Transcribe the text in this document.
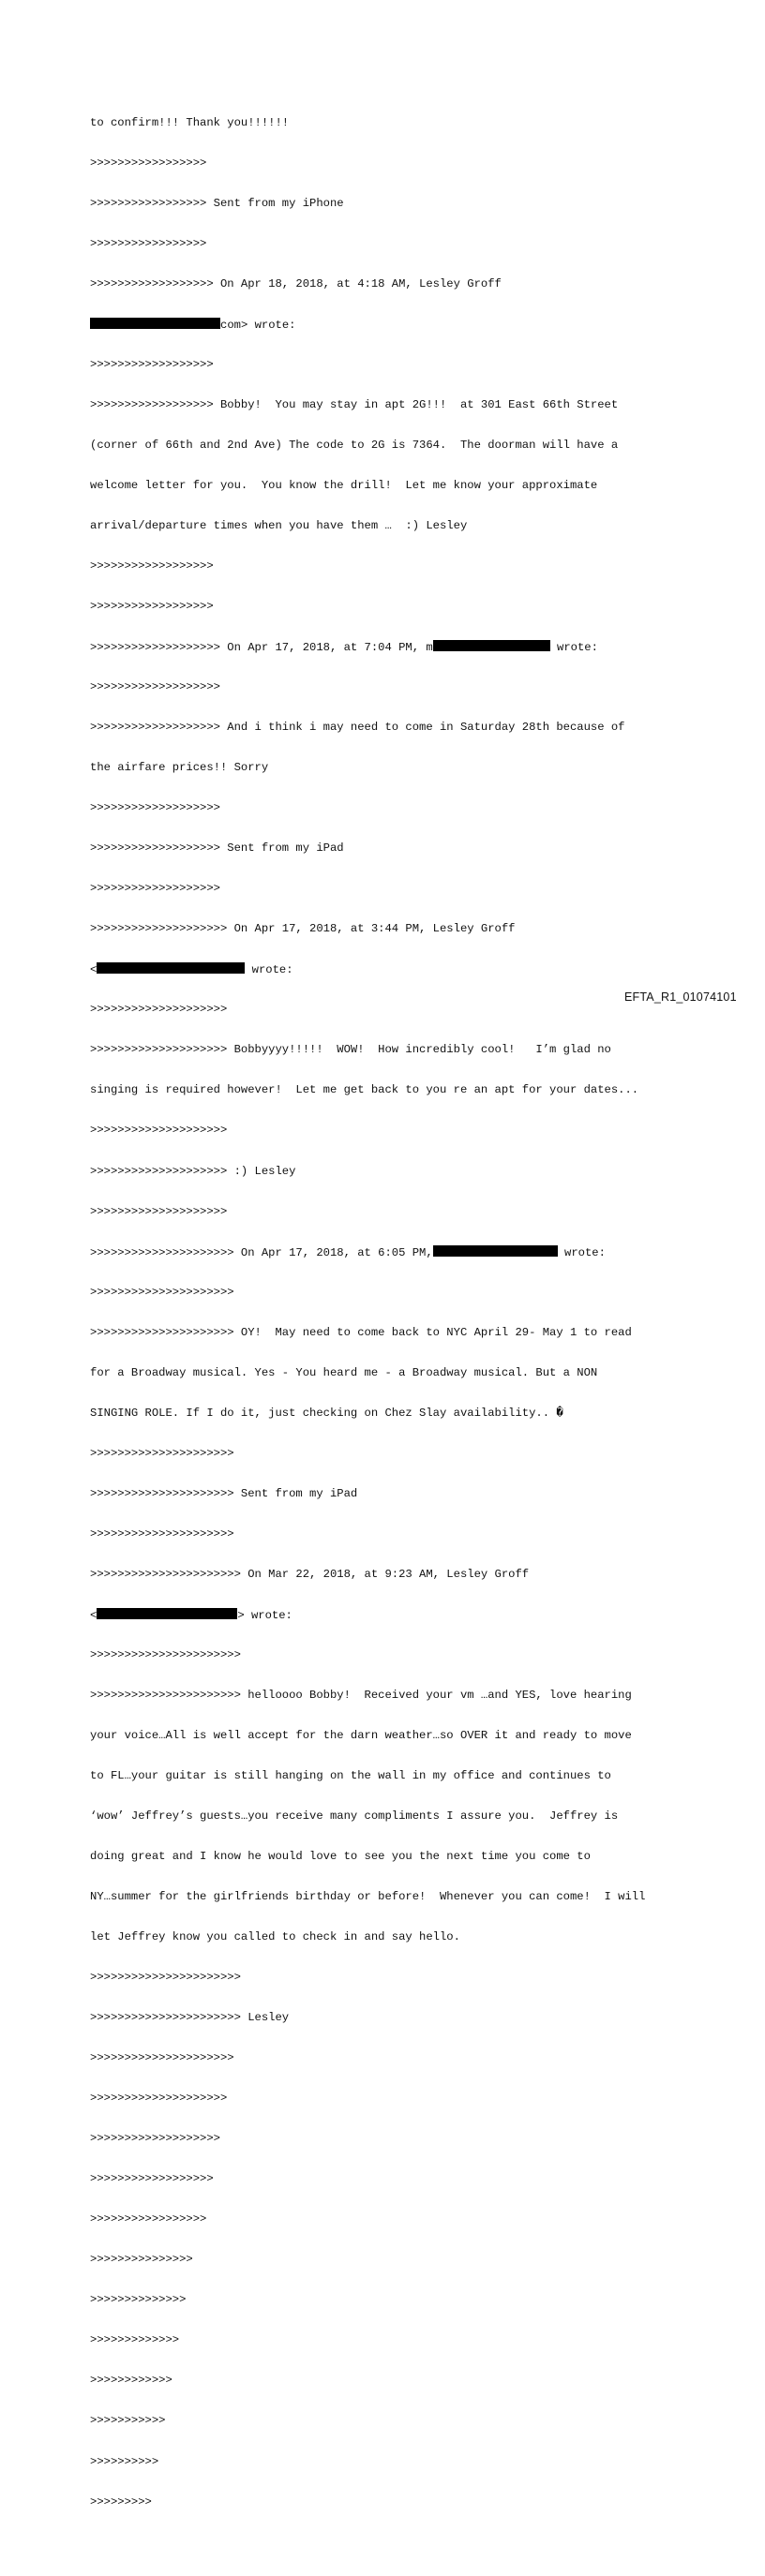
to confirm!!! Thank you!!!!!!

>>>>>>>>>>>>>>>>>

>>>>>>>>>>>>>>>>> Sent from my iPhone

>>>>>>>>>>>>>>>>>

>>>>>>>>>>>>>>>>>> On Apr 18, 2018, at 4:18 AM, Lesley Groff

com> wrote:

>>>>>>>>>>>>>>>>>>

>>>>>>>>>>>>>>>>>> Bobby!  You may stay in apt 2G!!!  at 301 East 66th Street

(corner of 66th and 2nd Ave) The code to 2G is 7364.  The doorman will have a

welcome letter for you.  You know the drill!  Let me know your approximate

arrival/departure times when you have them …  :) Lesley

>>>>>>>>>>>>>>>>>>

>>>>>>>>>>>>>>>>>>

>>>>>>>>>>>>>>>>>>> On Apr 17, 2018, at 7:04 PM, m	wrote:

>>>>>>>>>>>>>>>>>>>

>>>>>>>>>>>>>>>>>>> And i think i may need to come in Saturday 28th because of

the airfare prices!! Sorry

>>>>>>>>>>>>>>>>>>>

>>>>>>>>>>>>>>>>>>> Sent from my iPad

>>>>>>>>>>>>>>>>>>>

>>>>>>>>>>>>>>>>>>>> On Apr 17, 2018, at 3:44 PM, Lesley Groff

<	wrote:

>>>>>>>>>>>>>>>>>>>>

>>>>>>>>>>>>>>>>>>>> Bobbyyyy!!!!!  WOW!  How incredibly cool!   I’m glad no

singing is required however!  Let me get back to you re an apt for your dates...

>>>>>>>>>>>>>>>>>>>>

>>>>>>>>>>>>>>>>>>>> :) Lesley

>>>>>>>>>>>>>>>>>>>>

>>>>>>>>>>>>>>>>>>>>> On Apr 17, 2018, at 6:05 PM,	wrote:

>>>>>>>>>>>>>>>>>>>>>

>>>>>>>>>>>>>>>>>>>>> OY!  May need to come back to NYC April 29- May 1 to read

for a Broadway musical. Yes - You heard me - a Broadway musical. But a NON

SINGING ROLE. If I do it, just checking on Chez Slay availability.. �

>>>>>>>>>>>>>>>>>>>>>

>>>>>>>>>>>>>>>>>>>>> Sent from my iPad

>>>>>>>>>>>>>>>>>>>>>

>>>>>>>>>>>>>>>>>>>>>> On Mar 22, 2018, at 9:23 AM, Lesley Groff

<	> wrote:

>>>>>>>>>>>>>>>>>>>>>>

>>>>>>>>>>>>>>>>>>>>>> helloooo Bobby!  Received your vm …and YES, love hearing

your voice…All is well accept for the darn weather…so OVER it and ready to move

to FL…your guitar is still hanging on the wall in my office and continues to

‘wow’ Jeffrey’s guests…you receive many compliments I assure you.  Jeffrey is

doing great and I know he would love to see you the next time you come to

NY…summer for the girlfriends birthday or before!  Whenever you can come!  I will

let Jeffrey know you called to check in and say hello.

>>>>>>>>>>>>>>>>>>>>>>

>>>>>>>>>>>>>>>>>>>>>> Lesley

>>>>>>>>>>>>>>>>>>>>>

>>>>>>>>>>>>>>>>>>>>

>>>>>>>>>>>>>>>>>>>

>>>>>>>>>>>>>>>>>>

>>>>>>>>>>>>>>>>>

>>>>>>>>>>>>>>>

>>>>>>>>>>>>>>

>>>>>>>>>>>>>

>>>>>>>>>>>>

>>>>>>>>>>>

>>>>>>>>>>

>>>>>>>>>

EFTA_R1_01074101
